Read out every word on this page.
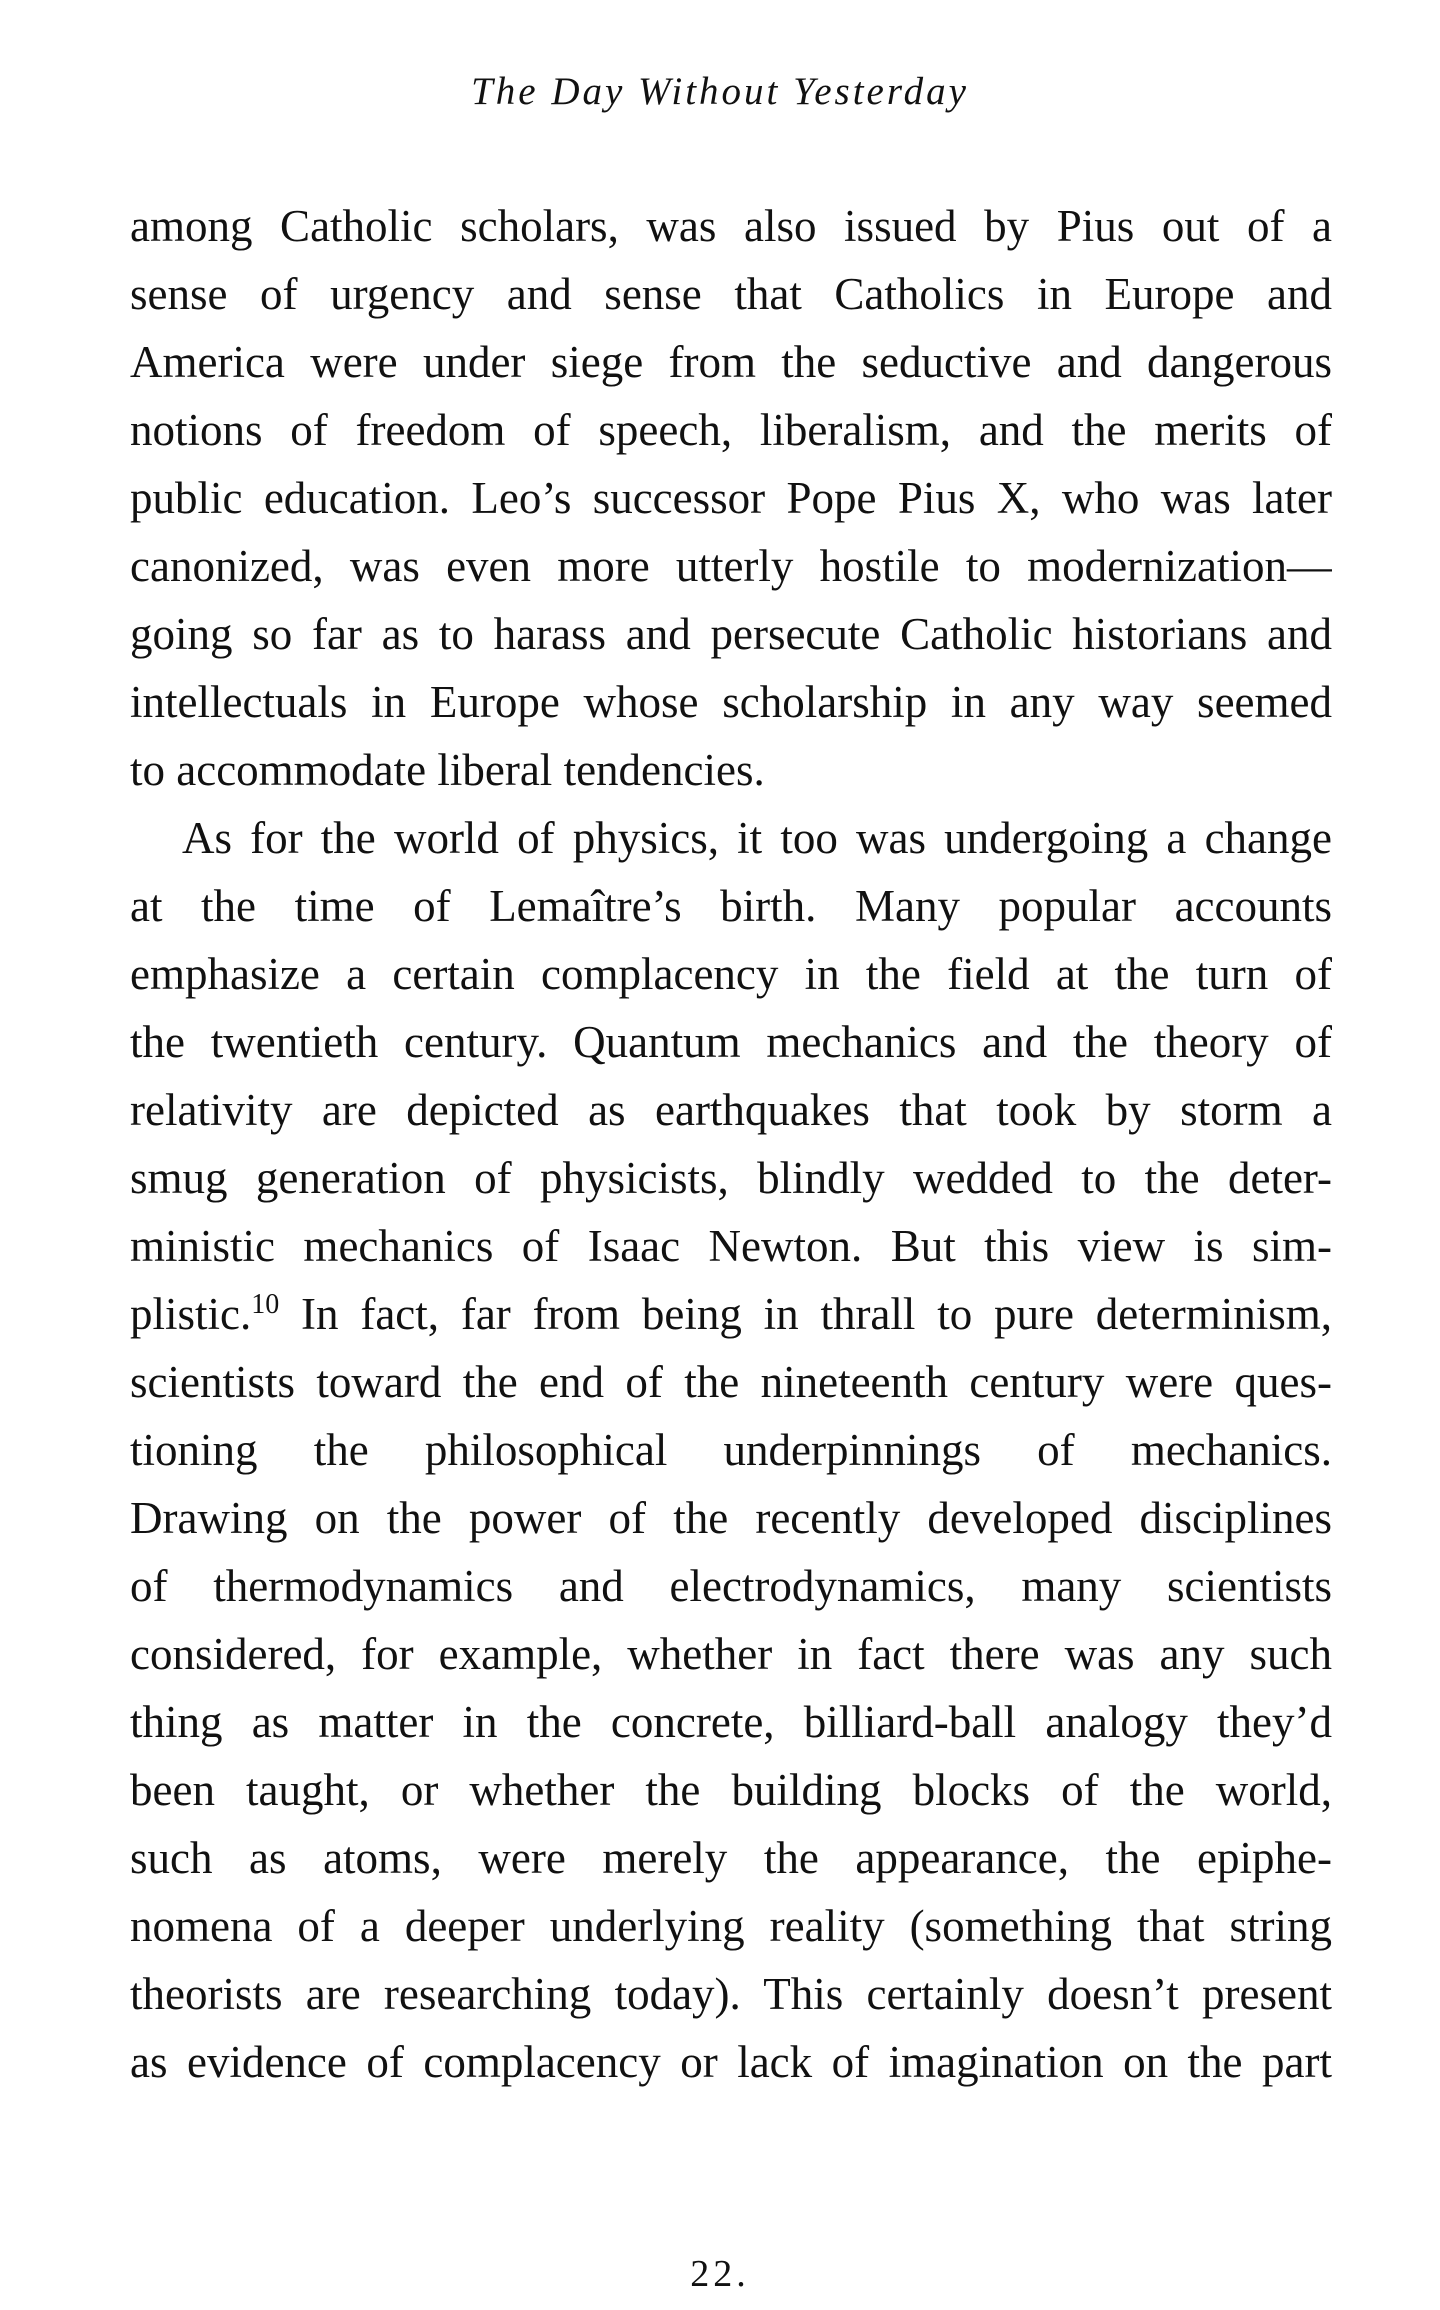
The Day Without Yesterday
among Catholic scholars, was also issued by Pius out of a
sense of urgency and sense that Catholics in Europe and
America were under siege from the seductive and dangerous
notions of freedom of speech, liberalism, and the merits of
public education. Leo’s successor Pope Pius X, who was later
canonized, was even more utterly hostile to modernization—
going so far as to harass and persecute Catholic historians and
intellectuals in Europe whose scholarship in any way seemed
to accommodate liberal tendencies.
As for the world of physics, it too was undergoing a change
at the time of Lemaître’s birth. Many popular accounts
emphasize a certain complacency in the field at the turn of
the twentieth century. Quantum mechanics and the theory of
relativity are depicted as earthquakes that took by storm a
smug generation of physicists, blindly wedded to the deter-
ministic mechanics of Isaac Newton. But this view is sim-
plistic.$^{10}$ In fact, far from being in thrall to pure determinism,
scientists toward the end of the nineteenth century were ques-
tioning the philosophical underpinnings of mechanics.
Drawing on the power of the recently developed disciplines
of thermodynamics and electrodynamics, many scientists
considered, for example, whether in fact there was any such
thing as matter in the concrete, billiard-ball analogy they’d
been taught, or whether the building blocks of the world,
such as atoms, were merely the appearance, the epiphe-
nomena of a deeper underlying reality (something that string
theorists are researching today). This certainly doesn’t present
as evidence of complacency or lack of imagination on the part
22.
